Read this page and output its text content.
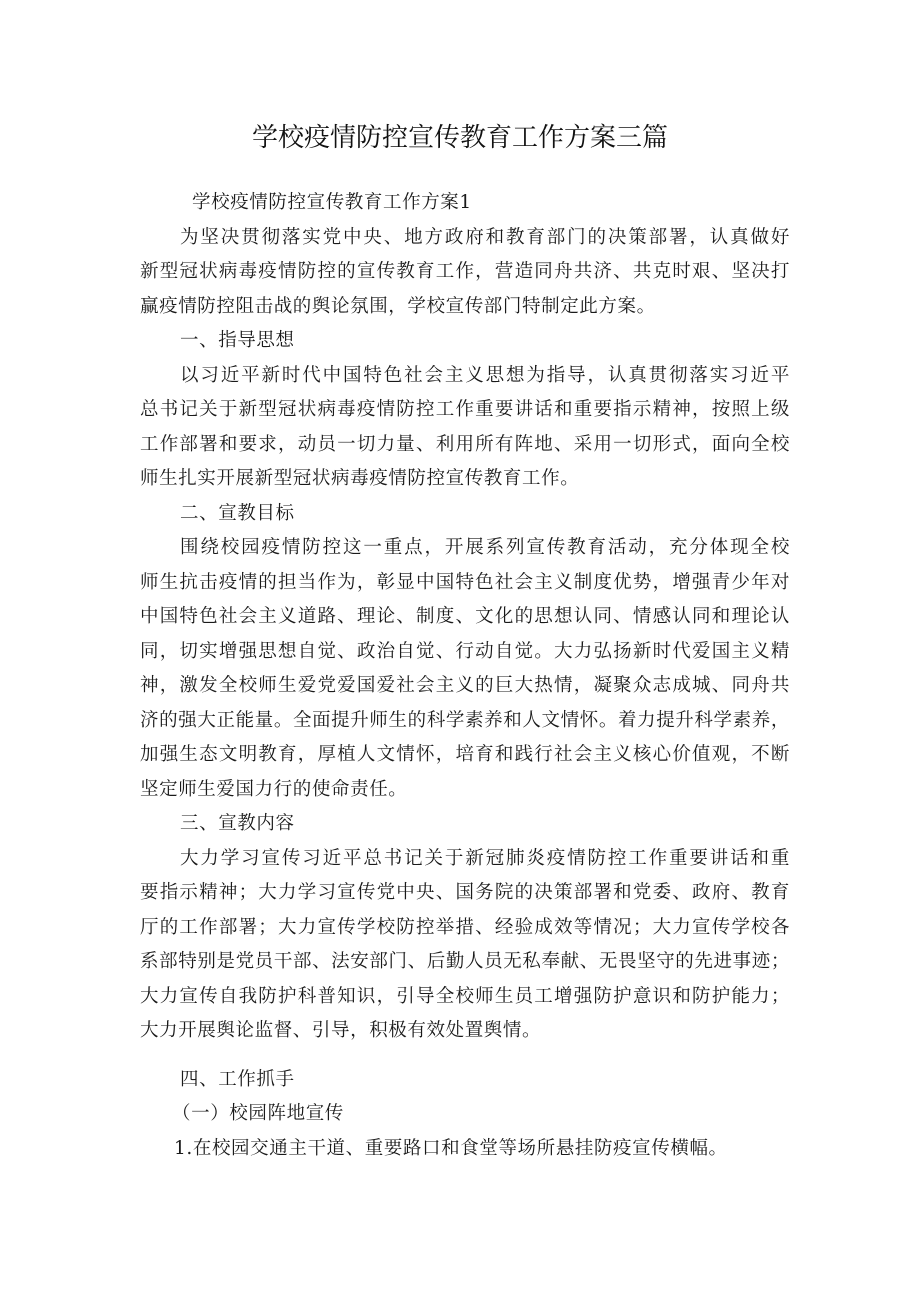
学校疫情防控宣传教育工作方案三篇
学校疫情防控宣传教育工作方案1
为坚决贯彻落实党中央、地方政府和教育部门的决策部署，认真做好
新型冠状病毒疫情防控的宣传教育工作，营造同舟共济、共克时艰、坚决打
赢疫情防控阻击战的舆论氛围，学校宣传部门特制定此方案。
一、指导思想
以习近平新时代中国特色社会主义思想为指导，认真贯彻落实习近平
总书记关于新型冠状病毒疫情防控工作重要讲话和重要指示精神，按照上级
工作部署和要求，动员一切力量、利用所有阵地、采用一切形式，面向全校
师生扎实开展新型冠状病毒疫情防控宣传教育工作。
二、宣教目标
围绕校园疫情防控这一重点，开展系列宣传教育活动，充分体现全校
师生抗击疫情的担当作为，彰显中国特色社会主义制度优势，增强青少年对
中国特色社会主义道路、理论、制度、文化的思想认同、情感认同和理论认
同，切实增强思想自觉、政治自觉、行动自觉。大力弘扬新时代爱国主义精
神，激发全校师生爱党爱国爱社会主义的巨大热情，凝聚众志成城、同舟共
济的强大正能量。全面提升师生的科学素养和人文情怀。着力提升科学素养，
加强生态文明教育，厚植人文情怀，培育和践行社会主义核心价值观，不断
坚定师生爱国力行的使命责任。
三、宣教内容
大力学习宣传习近平总书记关于新冠肺炎疫情防控工作重要讲话和重
要指示精神；大力学习宣传党中央、国务院的决策部署和党委、政府、教育
厅的工作部署；大力宣传学校防控举措、经验成效等情况；大力宣传学校各
系部特别是党员干部、法安部门、后勤人员无私奉献、无畏坚守的先进事迹；
大力宣传自我防护科普知识，引导全校师生员工增强防护意识和防护能力；
大力开展舆论监督、引导，积极有效处置舆情。
四、工作抓手
（一）校园阵地宣传
1.在校园交通主干道、重要路口和食堂等场所悬挂防疫宣传横幅。
